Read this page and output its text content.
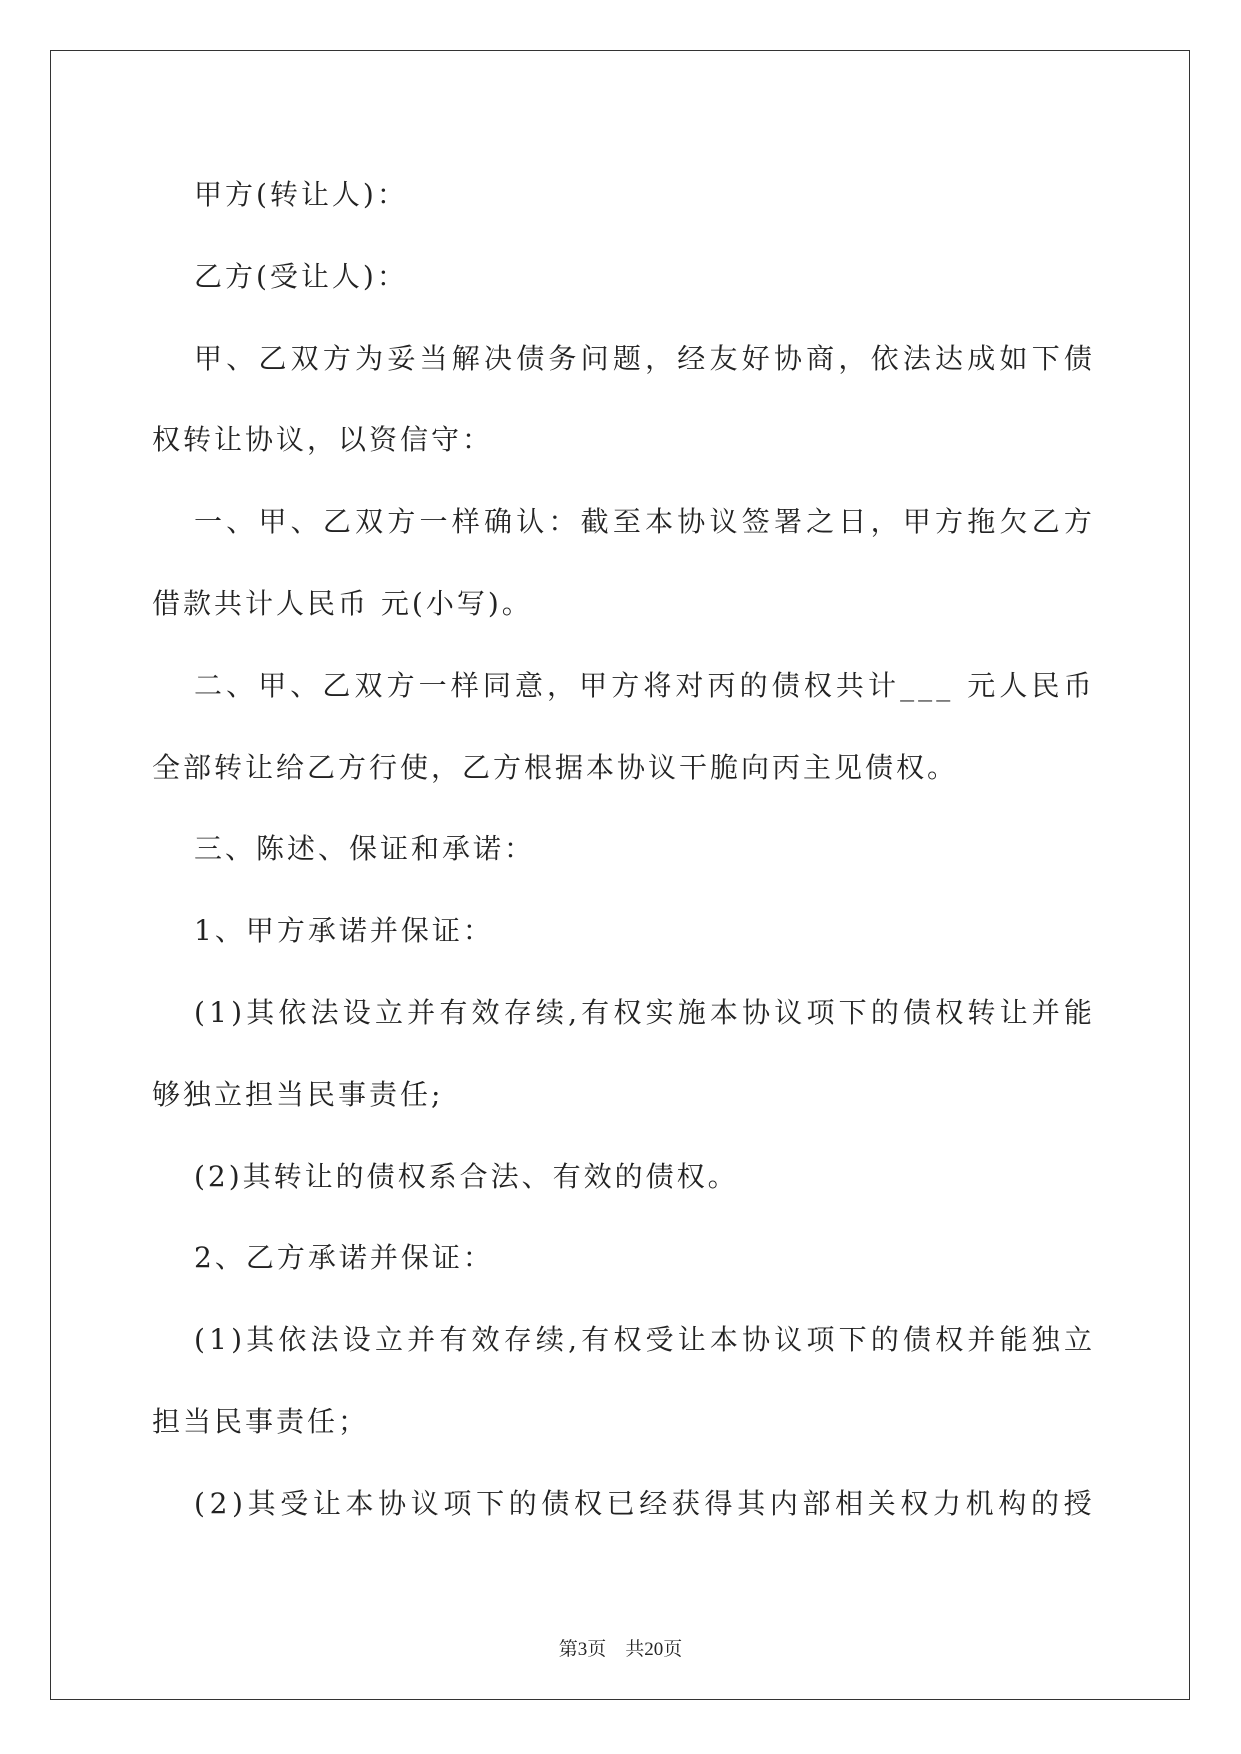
甲方(转让人)：
乙方(受让人)：
甲 、 乙 双 方 为 妥 当 解 决 债 务 问 题 ， 经 友 好 协 商 ， 依 法 达 成 如 下 债
权转让协议，以资信守：
一 、 甲 、 乙 双 方 一 样 确 认 ： 截 至 本 协 议 签 署 之 日 ， 甲 方 拖 欠 乙 方
借款共计人民币 元(小写)。
二 、 甲 、 乙 双 方 一 样 同 意 ， 甲 方 将 对 丙 的 债 权 共 计 _ _ _
元 人 民 币
全部转让给乙方行使，乙方根据本协议干脆向丙主见债权。
三、陈述、保证和承诺：
1、甲方承诺并保证：
( 1 ) 其 依 法 设 立 并 有 效 存 续 , 有 权 实 施 本 协 议 项 下 的 债 权 转 让 并 能
够独立担当民事责任;
(2)其转让的债权系合法、有效的债权。
2、乙方承诺并保证：
( 1 ) 其 依 法 设 立 并 有 效 存 续 , 有 权 受 让 本 协 议 项 下 的 债 权 并 能 独 立
担当民事责任；
( 2 ) 其 受 让 本 协 议 项 下 的 债 权 已 经 获 得 其 内 部 相 关 权 力 机 构 的 授
第3页　共20页
